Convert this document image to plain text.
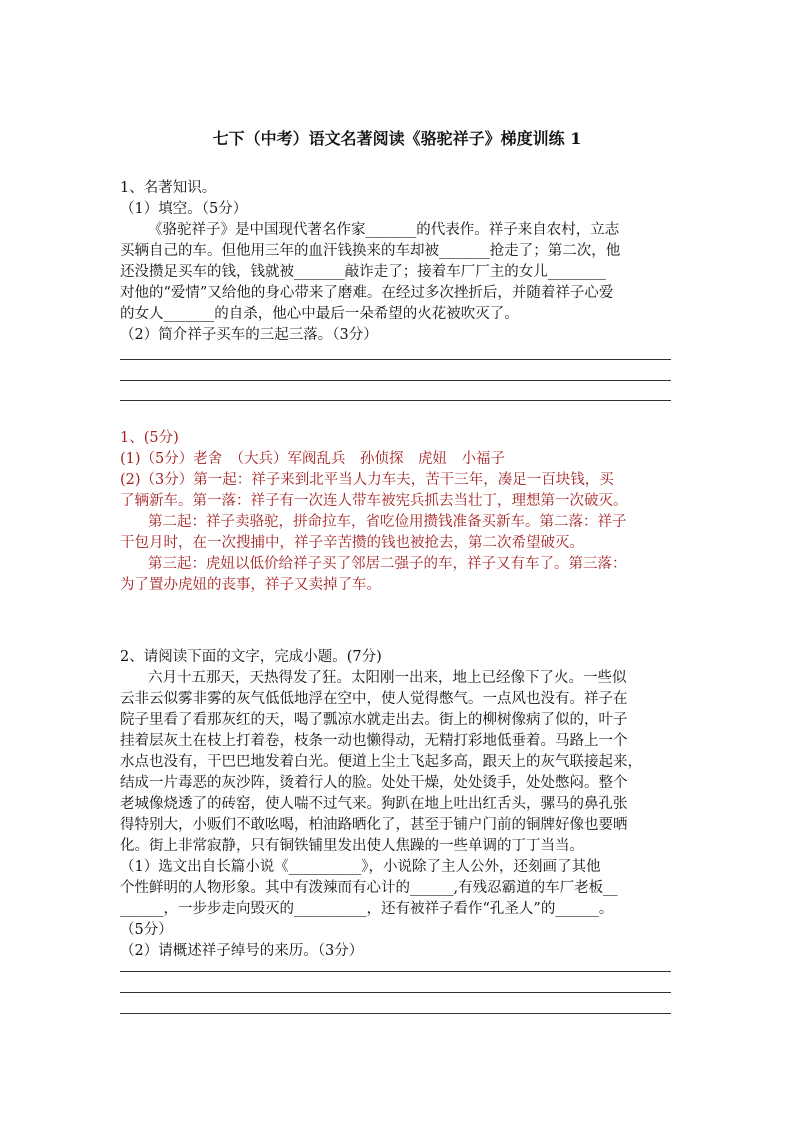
七下（中考）语文名著阅读《骆驼祥子》梯度训练 1
1、名著知识。
（1）填空。（5分）
《骆驼祥子》是中国现代著名作家_______的代表作。祥子来自农村，立志
买辆自己的车。但他用三年的血汗钱换来的车却被_______抢走了；第二次，他
还没攒足买车的钱，钱就被_______敲诈走了；接着车厂厂主的女儿________
对他的“爱情”又给他的身心带来了磨难。在经过多次挫折后，并随着祥子心爱
的女人_______的自杀，他心中最后一朵希望的火花被吹灭了。
（2）简介祥子买车的三起三落。（3分）
1、(5分)
(1)（5分）老舍　（大兵）军阀乱兵　孙侦探　虎妞　小福子
(2)（3分）第一起：祥子来到北平当人力车夫，苦干三年，凑足一百块钱，买
了辆新车。第一落：祥子有一次连人带车被宪兵抓去当壮丁，理想第一次破灭。
第二起：祥子卖骆驼，拼命拉车，省吃俭用攒钱准备买新车。第二落：祥子
干包月时，在一次搜捕中，祥子辛苦攒的钱也被抢去，第二次希望破灭。
第三起：虎妞以低价给祥子买了邻居二强子的车，祥子又有车了。第三落：
为了置办虎妞的丧事，祥子又卖掉了车。
2、请阅读下面的文字，完成小题。(7分)
六月十五那天，天热得发了狂。太阳刚一出来，地上已经像下了火。一些似
云非云似雾非雾的灰气低低地浮在空中，使人觉得憋气。一点风也没有。祥子在
院子里看了看那灰红的天，喝了瓢凉水就走出去。街上的柳树像病了似的，叶子
挂着层灰土在枝上打着卷，枝条一动也懒得动，无精打彩地低垂着。马路上一个
水点也没有，干巴巴地发着白光。便道上尘土飞起多高，跟天上的灰气联接起来，
结成一片毒恶的灰沙阵，烫着行人的脸。处处干燥，处处烫手，处处憋闷。整个
老城像烧透了的砖窑，使人喘不过气来。狗趴在地上吐出红舌头，骡马的鼻孔张
得特别大，小贩们不敢吆喝，柏油路晒化了，甚至于铺户门前的铜牌好像也要晒
化。街上非常寂静，只有铜铁铺里发出使人焦躁的一些单调的丁丁当当。
（1）选文出自长篇小说《__________》，小说除了主人公外，还刻画了其他
个性鲜明的人物形象。其中有泼辣而有心计的______,有残忍霸道的车厂老板__
______，一步步走向毁灭的__________，还有被祥子看作“孔圣人”的______。
（5分）
（2）请概述祥子绰号的来历。（3分）
